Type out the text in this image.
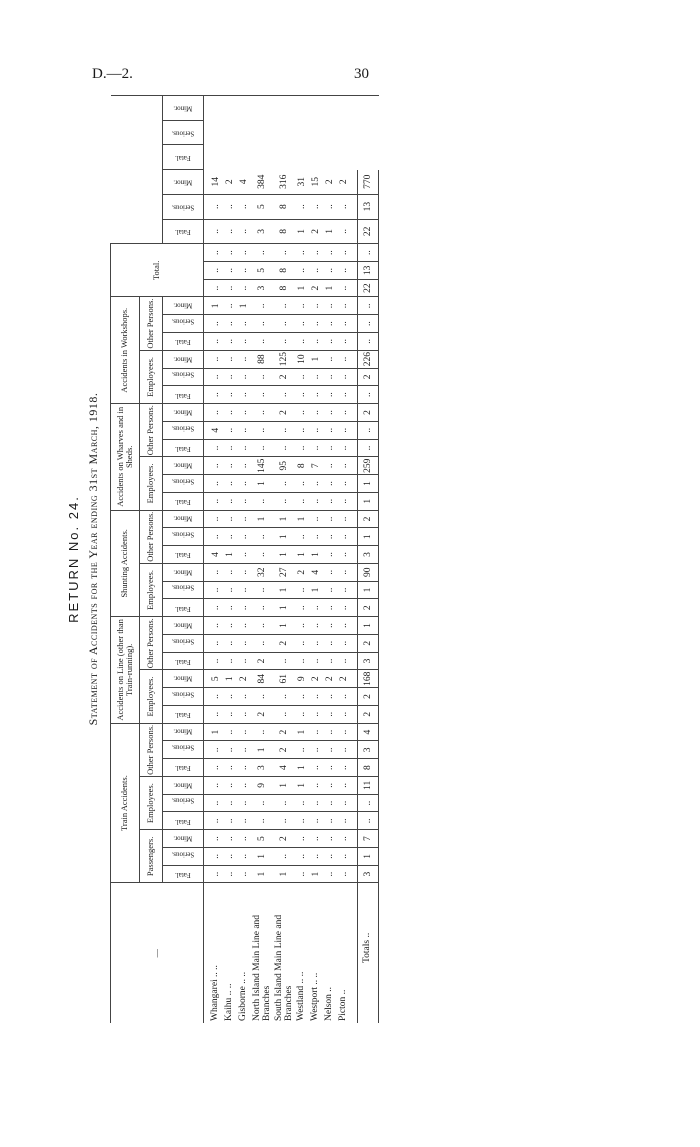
D.—2.	30
RETURN No. 24. Statement of Accidents for the Year ending 31st March, 1918.
—	Train Accidents.									Accidents on Line (other than Train-running).						Shunting Accidents.						Accidents on Wharves and in Sheds.						Accidents in Workshops.						Total.								
	Passengers.			Employees.			Other Persons.			Employees.			Other Persons.			Employees.			Other Persons.			Employees.			Other Persons.			Employees.			Other Persons.											
	Fatal.	Serious.	Minor.	Fatal.	Serious.	Minor.	Fatal.	Serious.	Minor.	Fatal.	Serious.	Minor.	Fatal.	Serious.	Minor.	Fatal.	Serious.	Minor.	Fatal.	Serious.	Minor.	Fatal.	Serious.	Minor.	Fatal.	Serious.	Minor.	Fatal.	Serious.	Minor.	Fatal.	Serious.	Minor.				Fatal.	Serious.	Minor.	Fatal.	Serious.	Minor.
Whangarei .. ..	..	..	..	..	..	..	..	..	1	..	..	5	..	..	..	..	..	..	4	..	..	..	..	..	..	4	..	..	..	..	..	..	1	..	..	..	..	..	14			
Kaihu .. ..	..	..	..	..	..	..	..	..	..	..	..	1	..	..	..	..	..	..	1	..	..	..	..	..	..	..	..	..	..	..	..	..	..	..	..	..	..	..	2			
Gisborne .. ..	..	..	..	..	..	..	..	..	..	..	..	2	..	..	..	..	..	..	..	..	..	..	..	..	..	..	..	..	..	..	..	..	1	..	..	..	..	..	4			
North Island Main Line and Branches	1	1	5	..	..	9	3	1	..	2	..	84	2	..	..	..	..	32	..	..	1	..	1	145	..	..	..	..	..	88	..	..	..	3	5	..	3	5	384			
South Island Main Line and Branches	1	..	2	..	..	1	4	2	2	..	..	61	..	2	1	1	1	27	1	1	1	..	..	95	..	..	2	..	2	125	..	..	..	8	8	..	8	8	316			
Westland .. ..	..	..	..	..	..	1	1	..	1	..	..	9	..	..	..	..	..	2	1	..	1	..	..	8	..	..	..	..	..	10	..	..	..	1	..	..	1	..	31			
Westport .. ..	1	..	..	..	..	..	..	..	..	..	..	2	..	..	..	..	1	4	1	..	..	..	..	7	..	..	..	..	..	1	..	..	..	2	..	..	2	..	15			
Nelson ..	..	..	..	..	..	..	..	..	..	..	..	2	..	..	..	..	..	..	..	..	..	..	..	..	..	..	..	..	..	..	..	..	..	1	..	..	1	..	2			
Picton ..	..	..	..	..	..	..	..	..	..	..	..	2	..	..	..	..	..	..	..	..	..	..	..	..	..	..	..	..	..	..	..	..	..	..	..	..	..	..	2			
Totals ..	3	1	7	..	..	11	8	3	4	2	2	168	3	2	1	2	1	90	3	1	2	1	1	259	..	..	2	..	2	226	..	..	..	22	13	..	22	13	770			
